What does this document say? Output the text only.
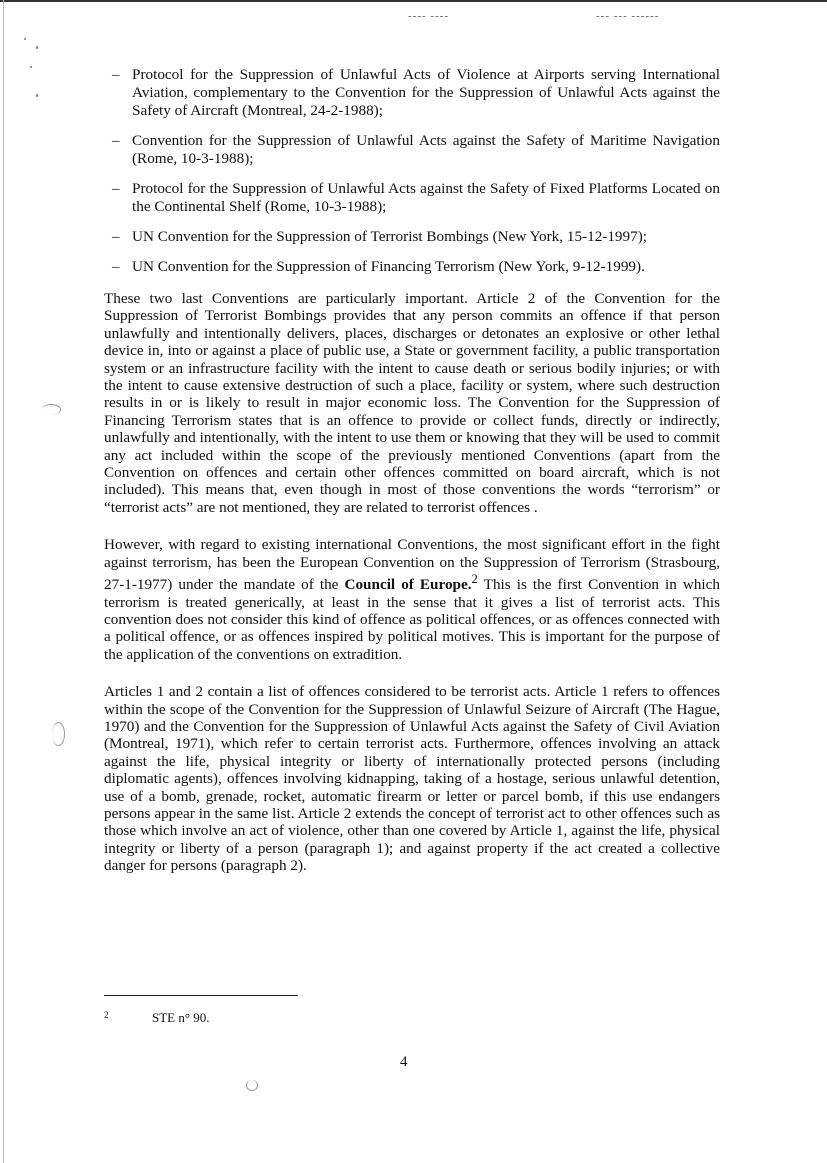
---- ----	--- --- ------
– Protocol for the Suppression of Unlawful Acts of Violence at Airports serving International Aviation, complementary to the Convention for the Suppression of Unlawful Acts against the Safety of Aircraft (Montreal, 24-2-1988);
– Convention for the Suppression of Unlawful Acts against the Safety of Maritime Navigation (Rome, 10-3-1988);
– Protocol for the Suppression of Unlawful Acts against the Safety of Fixed Platforms Located on the Continental Shelf (Rome, 10-3-1988);
– UN Convention for the Suppression of Terrorist Bombings (New York, 15-12-1997);
– UN Convention for the Suppression of Financing Terrorism (New York, 9-12-1999).

These two last Conventions are particularly important. Article 2 of the Convention for the Suppression of Terrorist Bombings provides that any person commits an offence if that person unlawfully and intentionally delivers, places, discharges or detonates an explosive or other lethal device in, into or against a place of public use, a State or government facility, a public transportation system or an infrastructure facility with the intent to cause death or serious bodily injuries; or with the intent to cause extensive destruction of such a place, facility or system, where such destruction results in or is likely to result in major economic loss. The Convention for the Suppression of Financing Terrorism states that is an offence to provide or collect funds, directly or indirectly, unlawfully and intentionally, with the intent to use them or knowing that they will be used to commit any act included within the scope of the previously mentioned Conventions (apart from the Convention on offences and certain other offences committed on board aircraft, which is not included). This means that, even though in most of those conventions the words “terrorism” or “terrorist acts” are not mentioned, they are related to terrorist offences .

However, with regard to existing international Conventions, the most significant effort in the fight against terrorism, has been the European Convention on the Suppression of Terrorism (Strasbourg, 27-1-1977) under the mandate of the Council of Europe.$^2$ This is the first Convention in which terrorism is treated generically, at least in the sense that it gives a list of terrorist acts. This convention does not consider this kind of offence as political offences, or as offences connected with a political offence, or as offences inspired by political motives. This is important for the purpose of the application of the conventions on extradition.

Articles 1 and 2 contain a list of offences considered to be terrorist acts. Article 1 refers to offences within the scope of the Convention for the Suppression of Unlawful Seizure of Aircraft (The Hague, 1970) and the Convention for the Suppression of Unlawful Acts against the Safety of Civil Aviation (Montreal, 1971), which refer to certain terrorist acts. Furthermore, offences involving an attack against the life, physical integrity or liberty of internationally protected persons (including diplomatic agents), offences involving kidnapping, taking of a hostage, serious unlawful detention, use of a bomb, grenade, rocket, automatic firearm or letter or parcel bomb, if this use endangers persons appear in the same list. Article 2 extends the concept of terrorist act to other offences such as those which involve an act of violence, other than one covered by Article 1, against the life, physical integrity or liberty of a person (paragraph 1); and against property if the act created a collective danger for persons (paragraph 2).

2	STE n° 90.
4
